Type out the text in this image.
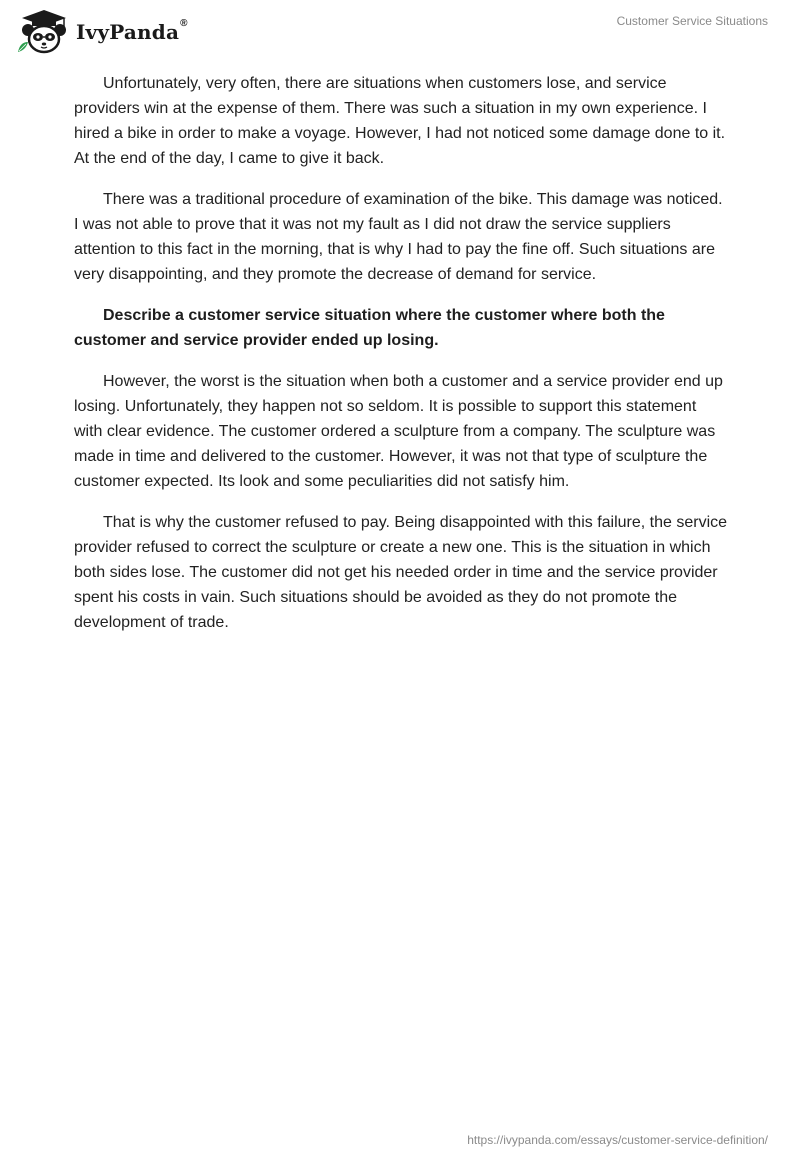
IvyPanda®	Customer Service Situations

Unfortunately, very often, there are situations when customers lose, and service providers win at the expense of them. There was such a situation in my own experience. I hired a bike in order to make a voyage. However, I had not noticed some damage done to it. At the end of the day, I came to give it back.

There was a traditional procedure of examination of the bike. This damage was noticed. I was not able to prove that it was not my fault as I did not draw the service suppliers attention to this fact in the morning, that is why I had to pay the fine off. Such situations are very disappointing, and they promote the decrease of demand for service.

Describe a customer service situation where the customer where both the customer and service provider ended up losing.

However, the worst is the situation when both a customer and a service provider end up losing. Unfortunately, they happen not so seldom. It is possible to support this statement with clear evidence. The customer ordered a sculpture from a company. The sculpture was made in time and delivered to the customer. However, it was not that type of sculpture the customer expected. Its look and some peculiarities did not satisfy him.

That is why the customer refused to pay. Being disappointed with this failure, the service provider refused to correct the sculpture or create a new one. This is the situation in which both sides lose. The customer did not get his needed order in time and the service provider spent his costs in vain. Such situations should be avoided as they do not promote the development of trade.

https://ivypanda.com/essays/customer-service-definition/
